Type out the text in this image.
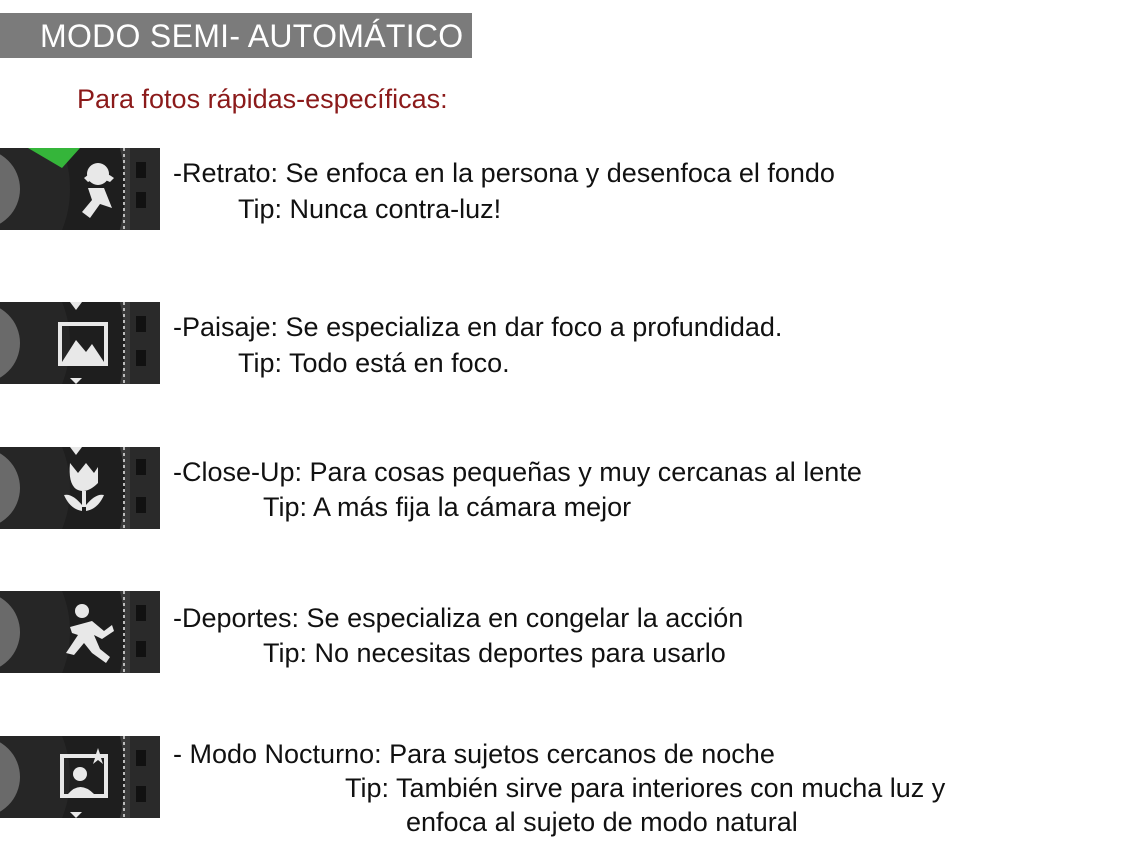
MODO SEMI- AUTOMÁTICO
Para fotos rápidas-específicas:
-Retrato: Se enfoca en la persona y desenfoca el fondo
Tip: Nunca contra-luz!
-Paisaje: Se especializa en dar foco a profundidad.
Tip: Todo está en foco.
-Close-Up: Para cosas pequeñas y muy cercanas al lente
Tip: A más fija la cámara mejor
-Deportes: Se especializa en congelar la acción
Tip: No necesitas deportes para usarlo
- Modo Nocturno: Para sujetos cercanos de noche
Tip: También sirve para interiores con mucha luz y
enfoca al sujeto de modo natural
